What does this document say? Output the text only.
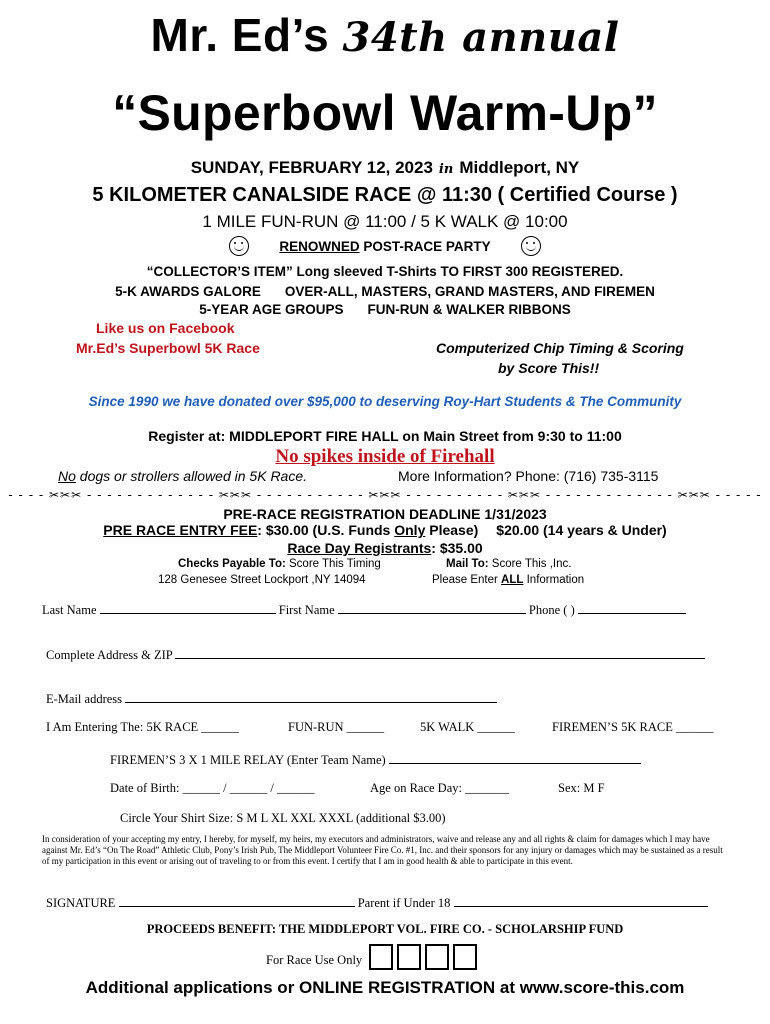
Mr. Ed’s 34th annual
“Superbowl Warm-Up”
SUNDAY, FEBRUARY 12, 2023 in Middleport, NY
5 KILOMETER CANALSIDE RACE @ 11:30 ( Certified Course )
1 MILE FUN-RUN @ 11:00 / 5 K WALK @ 10:00
RENOWNED POST-RACE PARTY
“COLLECTOR’S ITEM” Long sleeved T-Shirts TO FIRST 300 REGISTERED.
5-K AWARDS GALORE OVER-ALL, MASTERS, GRAND MASTERS, AND FIREMEN
5-YEAR AGE GROUPS FUN-RUN & WALKER RIBBONS
Like us on Facebook
Mr.Ed’s Superbowl 5K Race	Computerized Chip Timing & Scoring
by Score This!!
Since 1990 we have donated over $95,000 to deserving Roy-Hart Students & The Community
Register at: MIDDLEPORT FIRE HALL on Main Street from 9:30 to 11:00
No spikes inside of Firehall
No dogs or strollers allowed in 5K Race.	More Information? Phone: (716) 735-3115
- - - - ✂✂✂ - - - - - - - - - - - - - ✂✂✂ - - - - - - - - - - - ✂✂✂ - - - - - - - - - - ✂✂✂ - - - - - - - - - - - - - ✂✂✂ - - - - -
PRE-RACE REGISTRATION DEADLINE 1/31/2023
PRE RACE ENTRY FEE: $30.00 (U.S. Funds Only Please) $20.00 (14 years & Under)
Race Day Registrants: $35.00
Checks Payable To: Score This Timing
128 Genesee Street Lockport ,NY 14094
Mail To: Score This ,Inc.
Please Enter ALL Information
Last Name	First Name	Phone ( )
Complete Address & ZIP
E-Mail address
I Am Entering The: 5K RACE ______	FUN-RUN ______	5K WALK ______	FIREMEN’S 5K RACE ______
FIREMEN’S 3 X 1 MILE RELAY (Enter Team Name)
Date of Birth: ______ / ______ / ______	Age on Race Day: _______	Sex: M F
Circle Your Shirt Size: S M L XL XXL XXXL (additional $3.00)
In consideration of your accepting my entry, I hereby, for myself, my heirs, my executors and administrators, waive and release any and all rights & claim for damages which I may have against Mr. Ed’s “On The Road” Athletic Club, Pony’s Irish Pub, The Middleport Volunteer Fire Co. #1, Inc. and their sponsors for any injury or damages which may be sustained as a result of my participation in this event or arising out of traveling to or from this event. I certify that I am in good health & able to participate in this event.
SIGNATURE	Parent if Under 18
PROCEEDS BENEFIT: THE MIDDLEPORT VOL. FIRE CO. - SCHOLARSHIP FUND
For Race Use Only
Additional applications or ONLINE REGISTRATION at www.score-this.com
